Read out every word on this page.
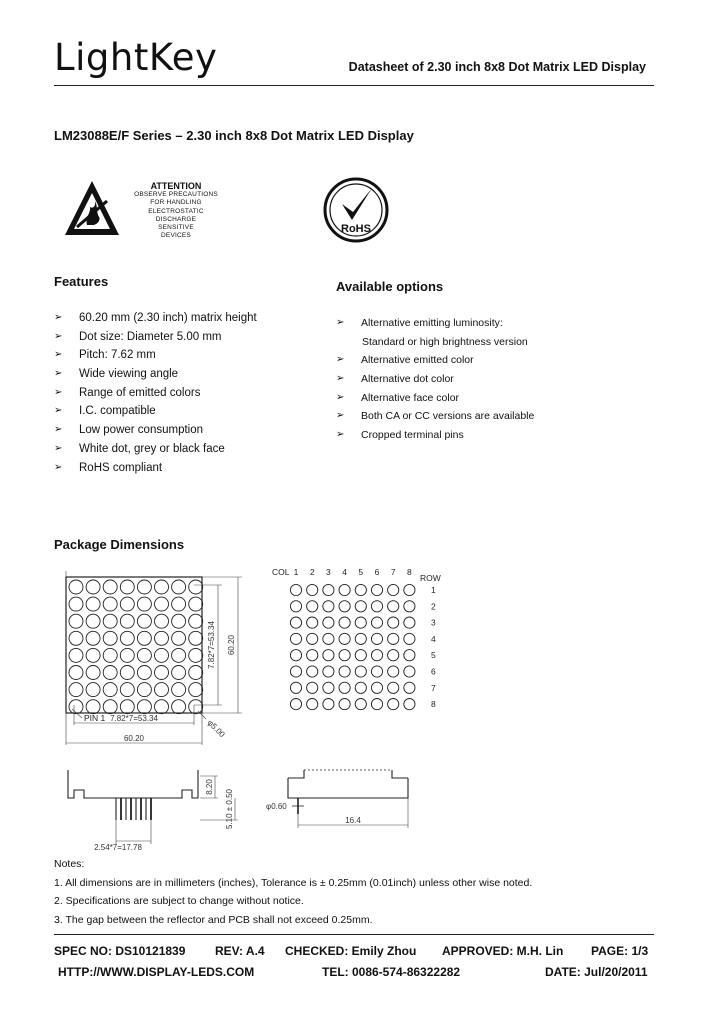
LightKey	Datasheet of 2.30 inch 8x8 Dot Matrix LED Display
LM23088E/F Series – 2.30 inch 8x8 Dot Matrix LED Display
ATTENTION
OBSERVE PRECAUTIONS
FOR HANDLING
ELECTROSTATIC
DISCHARGE
SENSITIVE
DEVICES
RoHS
Features
➢ 60.20 mm (2.30 inch) matrix height
➢ Dot size: Diameter 5.00 mm
➢ Pitch: 7.62 mm
➢ Wide viewing angle
➢ Range of emitted colors
➢ I.C. compatible
➢ Low power consumption
➢ White dot, grey or black face
➢ RoHS compliant
Available options
➢ Alternative emitting luminosity:
Standard or high brightness version
➢ Alternative emitted color
➢ Alternative dot color
➢ Alternative face color
➢ Both CA or CC versions are available
➢ Cropped terminal pins
Package Dimensions
7.82*7=53.34 60.20
7.82*7=53.34
60.20
PIN 1
φ5.00
COL
ROW
1 2 3 4 5 6 7 8
1
2
3
4
5
6
7
8
8.20
5.10 ± 0.50
2.54*7=17.78
φ0.60
16.4
Notes:
1. All dimensions are in millimeters (inches), Tolerance is ± 0.25mm (0.01inch) unless other wise noted.
2. Specifications are subject to change without notice.
3. The gap between the reflector and PCB shall not exceed 0.25mm.
SPEC NO: DS10121839 REV: A.4 CHECKED: Emily Zhou APPROVED: M.H. Lin PAGE: 1/3
HTTP://WWW.DISPLAY-LEDS.COM	TEL: 0086-574-86322282	DATE: Jul/20/2011
